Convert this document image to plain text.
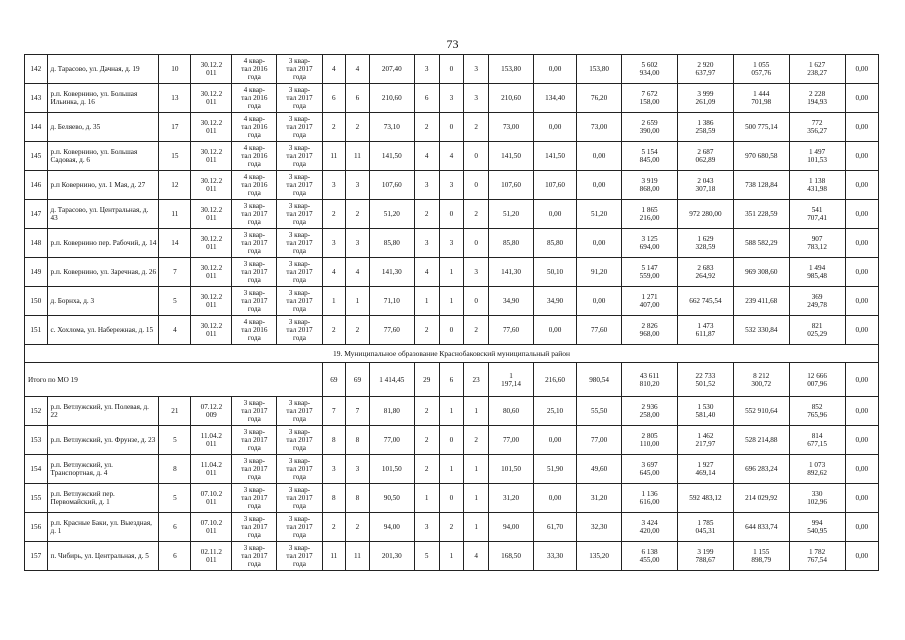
73
142	д. Тарасово, ул. Дачная, д. 19	10	30.12.2
011	4 квар-
тал 2016
года	3 квар-
тал 2017
года	4	4	207,40	3	0	3	153,80	0,00	153,80	5 602
934,00	2 920
637,97	1 055
057,76	1 627
238,27	0,00
143	р.п. Ковернино, ул. Большая Ильинка, д. 16	13	30.12.2
011	4 квар-
тал 2016
года	3 квар-
тал 2017
года	6	6	210,60	6	3	3	210,60	134,40	76,20	7 672
158,00	3 999
261,09	1 444
701,98	2 228
194,93	0,00
144	д. Беляево, д. 35	17	30.12.2
011	4 квар-
тал 2016
года	3 квар-
тал 2017
года	2	2	73,10	2	0	2	73,00	0,00	73,00	2 659
390,00	1 386
258,59	500 775,14	772
356,27	0,00
145	р.п. Ковернино, ул. Большая Садовая, д. 6	15	30.12.2
011	4 квар-
тал 2016
года	3 квар-
тал 2017
года	11	11	141,50	4	4	0	141,50	141,50	0,00	5 154
845,00	2 687
062,89	970 680,58	1 497
101,53	0,00
146	р.п Ковернино, ул. 1 Мая, д. 27	12	30.12.2
011	4 квар-
тал 2016
года	3 квар-
тал 2017
года	3	3	107,60	3	3	0	107,60	107,60	0,00	3 919
868,00	2 043
307,18	738 128,84	1 138
431,98	0,00
147	д. Тарасово, ул. Центральная, д. 43	11	30.12.2
011	3 квар-
тал 2017
года	3 квар-
тал 2017
года	2	2	51,20	2	0	2	51,20	0,00	51,20	1 865
216,00	972 280,00	351 228,59	541
707,41	0,00
148	р.п. Ковернино пер. Рабочий, д. 14	14	30.12.2
011	3 квар-
тал 2017
года	3 квар-
тал 2017
года	3	3	85,80	3	3	0	85,80	85,80	0,00	3 125
694,00	1 629
328,59	588 582,29	907
783,12	0,00
149	р.п. Ковернино, ул. Заречная, д. 26	7	30.12.2
011	3 квар-
тал 2017
года	3 квар-
тал 2017
года	4	4	141,30	4	1	3	141,30	50,10	91,20	5 147
559,00	2 683
264,92	969 308,60	1 494
985,48	0,00
150	д. Борнха, д. 3	5	30.12.2
011	3 квар-
тал 2017
года	3 квар-
тал 2017
года	1	1	71,10	1	1	0	34,90	34,90	0,00	1 271
407,00	662 745,54	239 411,68	369
249,78	0,00
151	с. Хохлома, ул. Набережная, д. 15	4	30.12.2
011	4 квар-
тал 2016
года	3 квар-
тал 2017
года	2	2	77,60	2	0	2	77,60	0,00	77,60	2 826
968,00	1 473
611,87	532 330,84	821
025,29	0,00
19. Муниципальное образование Краснобаковский муниципальный район																			
Итого по МО 19						69	69	1 414,45	29	6	23	1
197,14	216,60	980,54	43 611
810,20	22 733
501,52	8 212
300,72	12 666
007,96	0,00
152	р.п. Ветлужский, ул. Полевая, д. 22	21	07.12.2
009	3 квар-
тал 2017
года	3 квар-
тал 2017
года	7	7	81,80	2	1	1	80,60	25,10	55,50	2 936
258,00	1 530
581,40	552 910,64	852
765,96	0,00
153	р.п. Ветлужский, ул. Фрунзе, д. 23	5	11.04.2
011	3 квар-
тал 2017
года	3 квар-
тал 2017
года	8	8	77,00	2	0	2	77,00	0,00	77,00	2 805
110,00	1 462
217,97	528 214,88	814
677,15	0,00
154	р.п. Ветлужский, ул. Транспортная, д. 4	8	11.04.2
011	3 квар-
тал 2017
года	3 квар-
тал 2017
года	3	3	101,50	2	1	1	101,50	51,90	49,60	3 697
645,00	1 927
469,14	696 283,24	1 073
892,62	0,00
155	р.п. Ветлужский пер. Первомайский, д. 1	5	07.10.2
011	3 квар-
тал 2017
года	3 квар-
тал 2017
года	8	8	90,50	1	0	1	31,20	0,00	31,20	1 136
616,00	592 483,12	214 029,92	330
102,96	0,00
156	р.п. Красные Баки, ул. Выездная, д. 1	6	07.10.2
011	3 квар-
тал 2017
года	3 квар-
тал 2017
года	2	2	94,00	3	2	1	94,00	61,70	32,30	3 424
420,00	1 785
045,31	644 833,74	994
540,95	0,00
157	п. Чибирь, ул. Центральная, д. 5	6	02.11.2
011	3 квар-
тал 2017
года	3 квар-
тал 2017
года	11	11	201,30	5	1	4	168,50	33,30	135,20	6 138
455,00	3 199
788,67	1 155
898,79	1 782
767,54	0,00
